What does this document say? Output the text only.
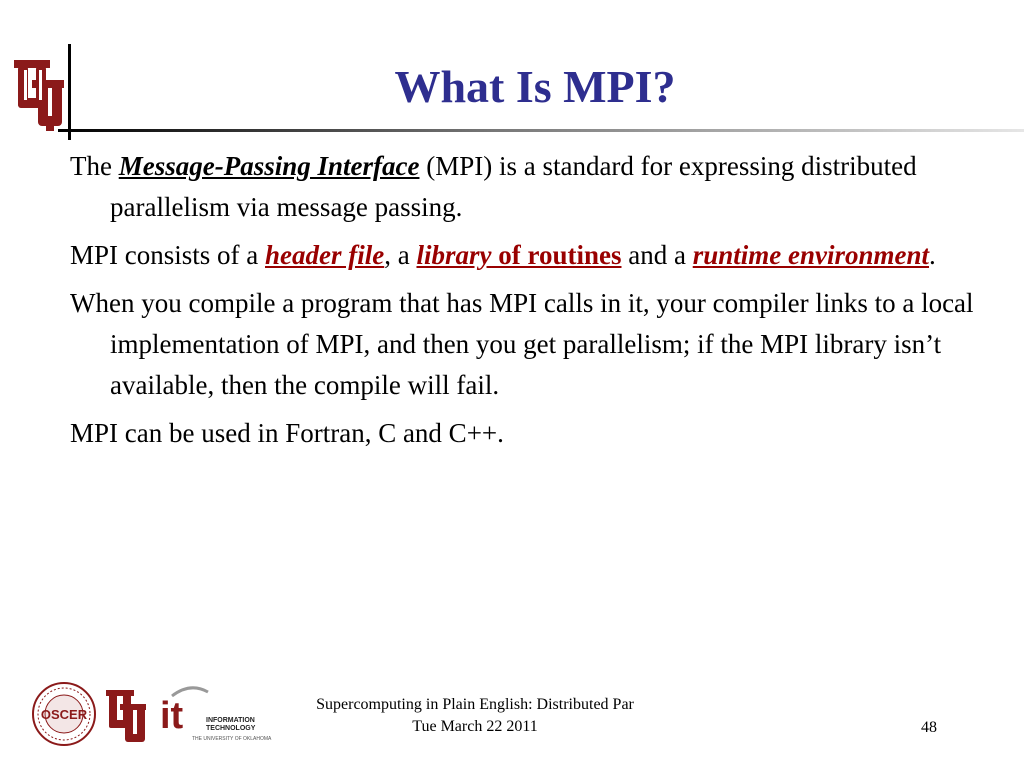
What Is MPI?

The Message-Passing Interface (MPI) is a standard for expressing distributed parallelism via message passing.

MPI consists of a header file, a library of routines and a runtime environment.

When you compile a program that has MPI calls in it, your compiler links to a local implementation of MPI, and then you get parallelism; if the MPI library isn’t available, then the compile will fail.

MPI can be used in Fortran, C and C++.

OSCER it	INFORMATION
TECHNOLOGY
THE UNIVERSITY OF OKLAHOMA
Supercomputing in Plain English: Distributed Par
Tue March 22 2011	48
